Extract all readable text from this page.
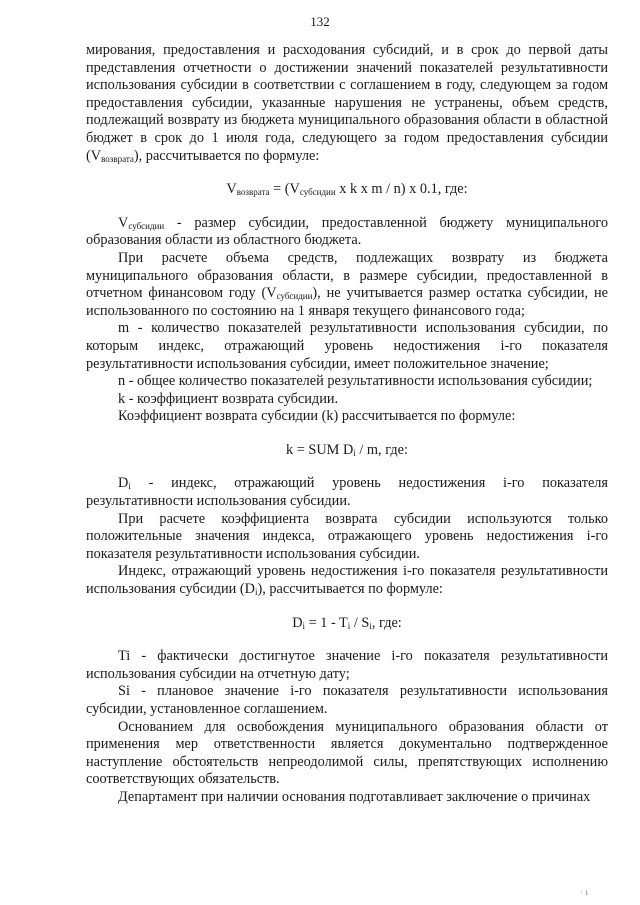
132

мирования, предоставления и расходования субсидий, и в срок до первой даты представления отчетности о достижении значений показателей результативности использования субсидии в соответствии с соглашением в году, следующем за годом предоставления субсидии, указанные нарушения не устранены, объем средств, подлежащий возврату из бюджета муниципального образования области в областной бюджет в срок до 1 июля года, следующего за годом предоставления субсидии $(V_{возврата})$, рассчитывается по формуле:

$V_{возврата} = (V_{субсидии}$ x k x m / n) x 0.1, где:

$V_{субсидии}$ - размер субсидии, предоставленной бюджету муниципального образования области из областного бюджета.

При расчете объема средств, подлежащих возврату из бюджета муниципального образования области, в размере субсидии, предоставленной в отчетном финансовом году $(V_{субсидии})$, не учитывается размер остатка субсидии, не использованного по состоянию на 1 января текущего финансового года;

m - количество показателей результативности использования субсидии, по которым индекс, отражающий уровень недостижения i-го показателя результативности использования субсидии, имеет положительное значение;

n - общее количество показателей результативности использования субсидии;

k - коэффициент возврата субсидии.

Коэффициент возврата субсидии (k) рассчитывается по формуле:

k = SUM $D_i$ / m, где:

$D_i$ - индекс, отражающий уровень недостижения i-го показателя результативности использования субсидии.

При расчете коэффициента возврата субсидии используются только положительные значения индекса, отражающего уровень недостижения i-го показателя результативности использования субсидии.

Индекс, отражающий уровень недостижения i-го показателя результативности использования субсидии $(D_i)$, рассчитывается по формуле:

$D_i = 1 - T_i / S_i$, где:

Ti - фактически достигнутое значение i-го показателя результативности использования субсидии на отчетную дату;

Si - плановое значение i-го показателя результативности использования субсидии, установленное соглашением.

Основанием для освобождения муниципального образования области от применения мер ответственности является документально подтвержденное наступление обстоятельств непреодолимой силы, препятствующих исполнению соответствующих обязательств.

Департамент при наличии основания подготавливает заключение о причинах

· ı
